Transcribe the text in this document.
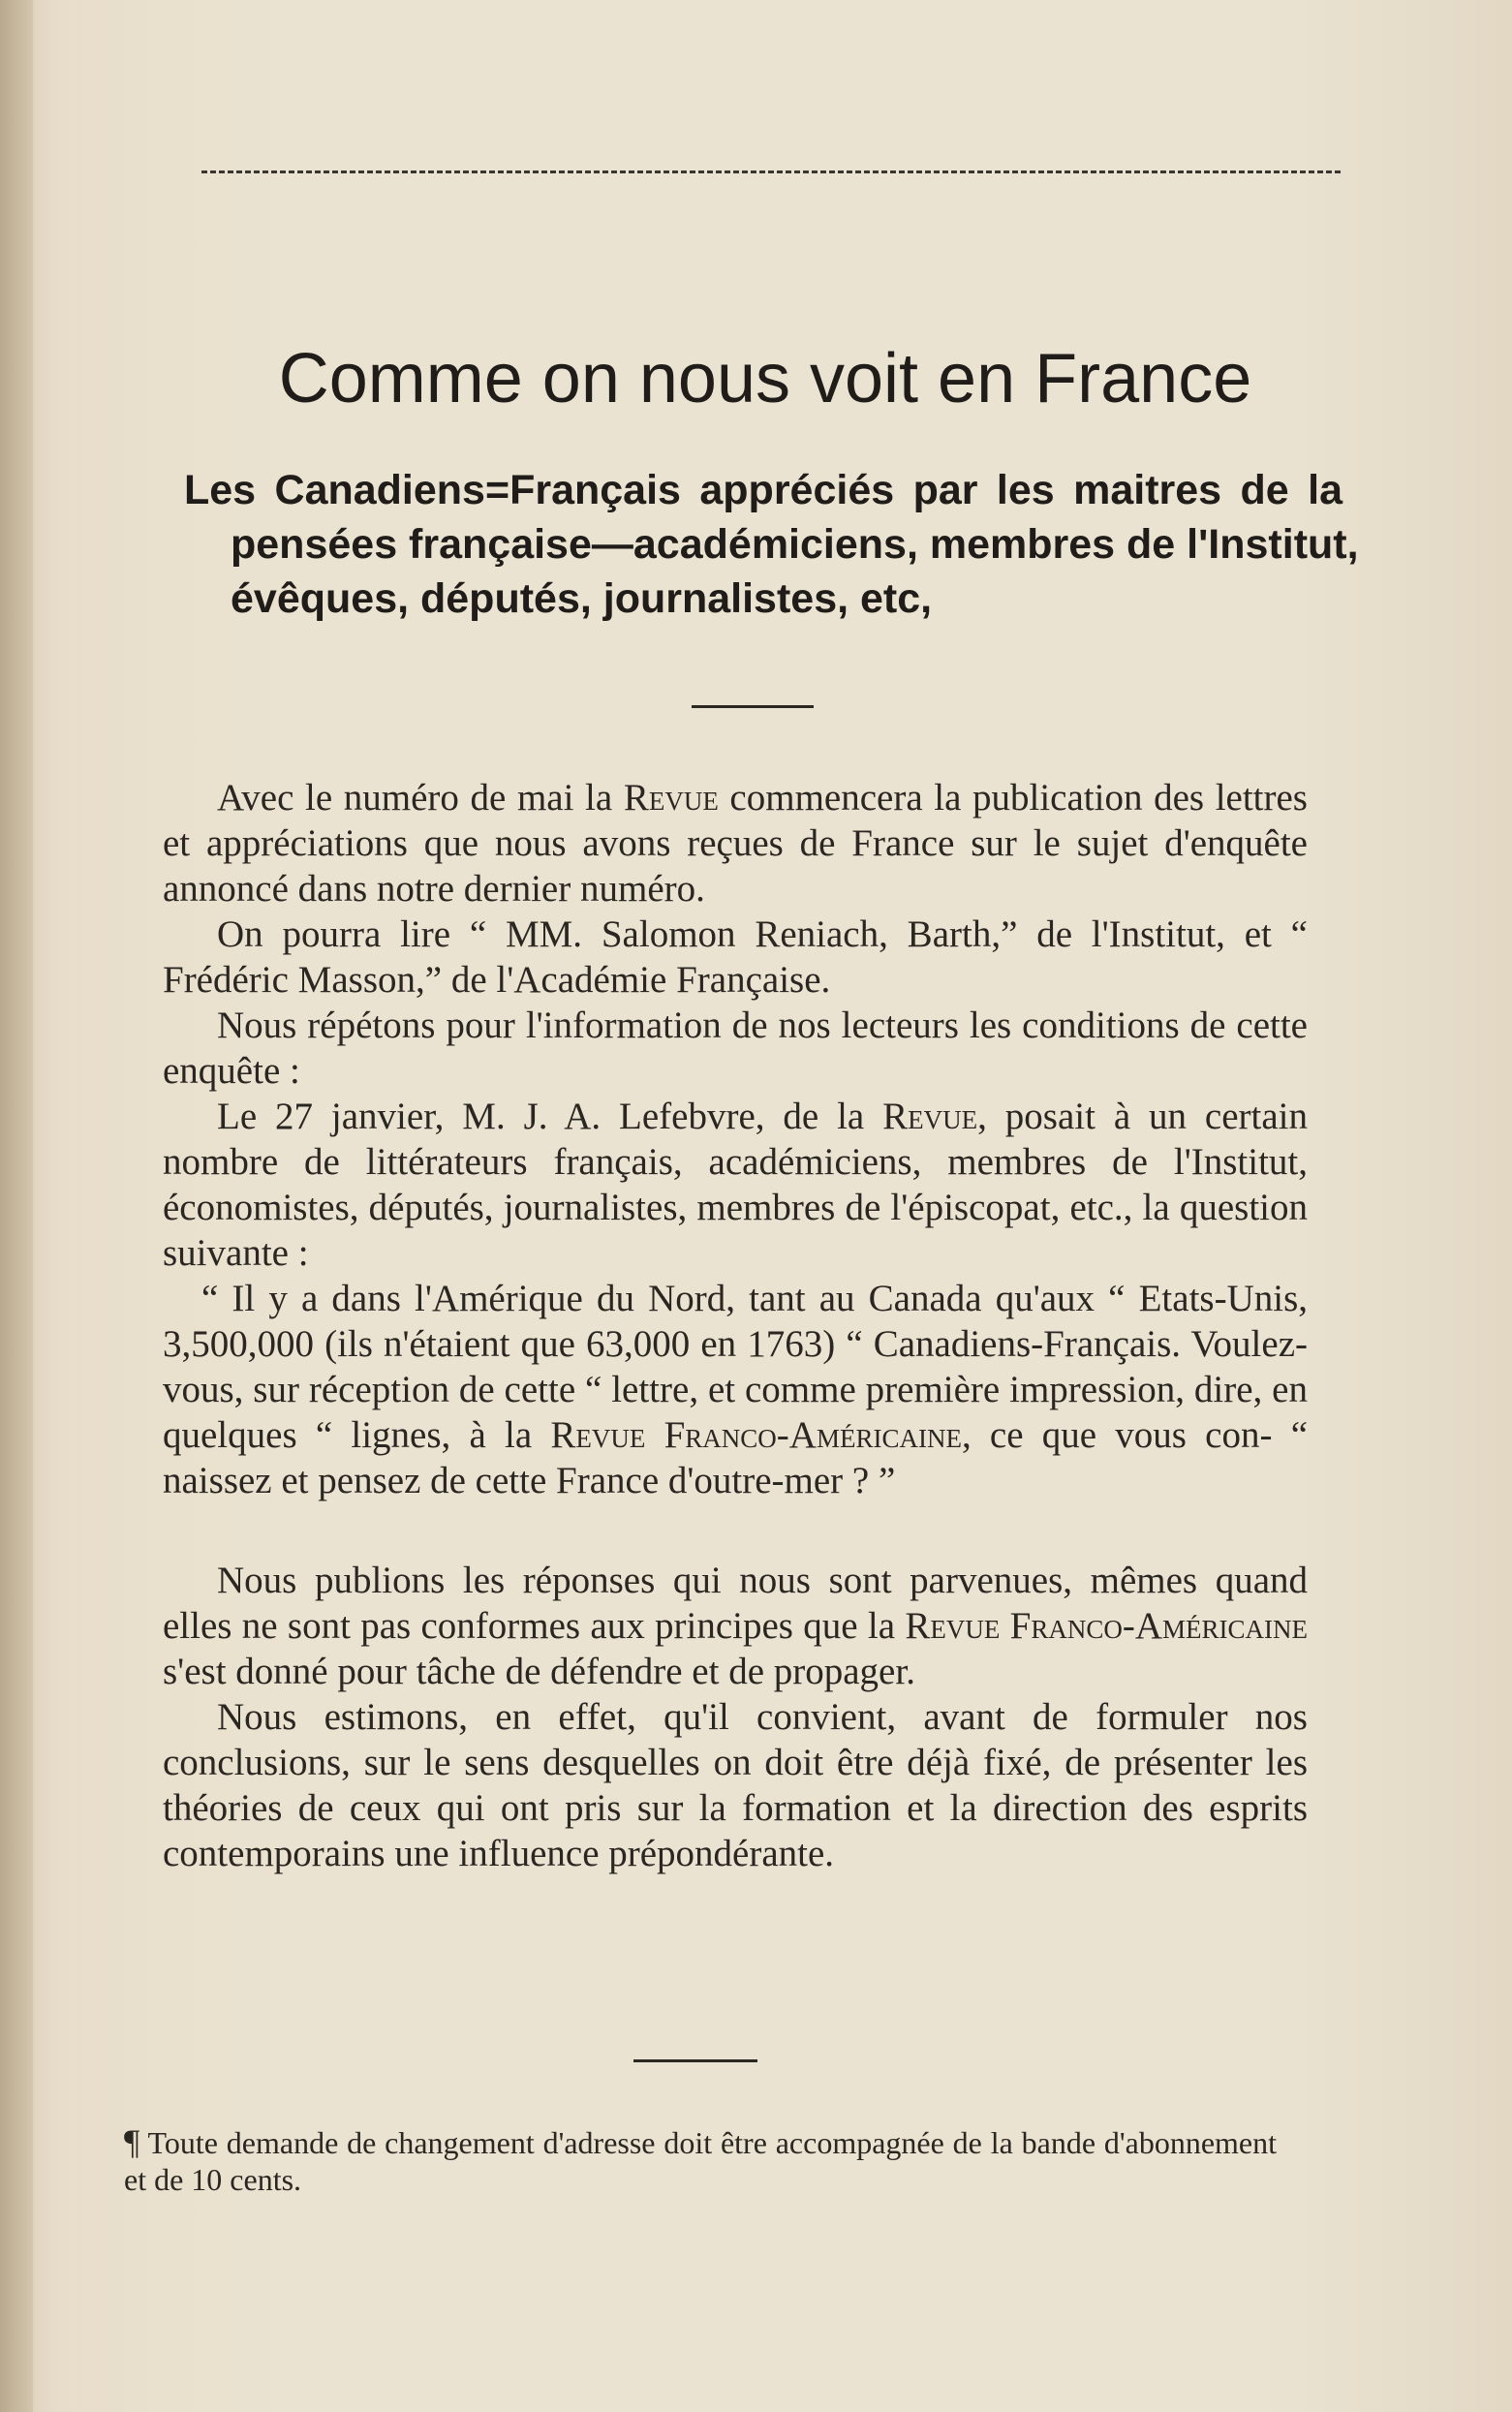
Comme on nous voit en France
Les Canadiens=Français appréciés par les maitres de la
pensées française—académiciens, membres de l'Institut,
évêques, députés, journalistes, etc,

Avec le numéro de mai la Revue commencera la publication des lettres et appréciations que nous avons reçues de France sur le sujet d'enquête annoncé dans notre dernier numéro.

On pourra lire “ MM. Salomon Reniach, Barth,” de l'Institut, et “ Frédéric Masson,” de l'Académie Française.

Nous répétons pour l'information de nos lecteurs les conditions de cette enquête :

Le 27 janvier, M. J. A. Lefebvre, de la Revue, posait à un certain nombre de littérateurs français, académiciens, membres de l'Institut, économistes, députés, journalistes, membres de l'épiscopat, etc., la question suivante :

“ Il y a dans l'Amérique du Nord, tant au Canada qu'aux “ Etats-Unis, 3,500,000 (ils n'étaient que 63,000 en 1763) “ Canadiens-Français. Voulez-vous, sur réception de cette “ lettre, et comme première impression, dire, en quelques “ lignes, à la Revue Franco-Américaine, ce que vous con- “ naissez et pensez de cette France d'outre-mer ? ”

Nous publions les réponses qui nous sont parvenues, mêmes quand elles ne sont pas conformes aux principes que la Revue Franco-Américaine s'est donné pour tâche de défendre et de propager.

Nous estimons, en effet, qu'il convient, avant de formuler nos conclusions, sur le sens desquelles on doit être déjà fixé, de présenter les théories de ceux qui ont pris sur la formation et la direction des esprits contemporains une influence prépondérante.

¶ Toute demande de changement d'adresse doit être accompagnée de la bande d'abonnement et de 10 cents.
